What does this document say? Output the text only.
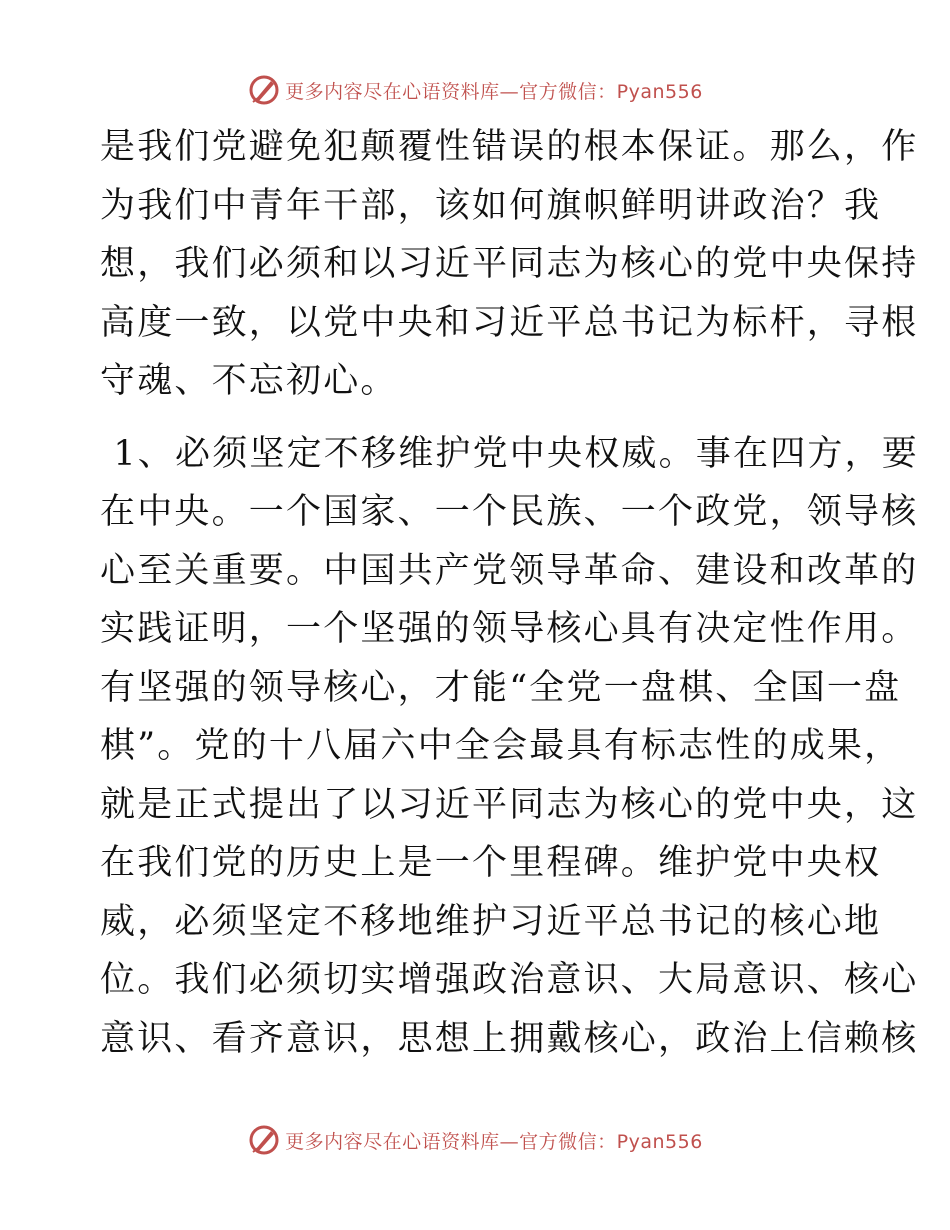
更多内容尽在心语资料库—官方微信：Pyan556

是我们党避免犯颠覆性错误的根本保证。那么，作
为我们中青年干部，该如何旗帜鲜明讲政治？我
想，我们必须和以习近平同志为核心的党中央保持
高度一致，以党中央和习近平总书记为标杆，寻根
守魂、不忘初心。

1、必须坚定不移维护党中央权威。事在四方，要
在中央。一个国家、一个民族、一个政党，领导核
心至关重要。中国共产党领导革命、建设和改革的
实践证明，一个坚强的领导核心具有决定性作用。
有坚强的领导核心，才能“全党一盘棋、全国一盘
棋”。党的十八届六中全会最具有标志性的成果，
就是正式提出了以习近平同志为核心的党中央，这
在我们党的历史上是一个里程碑。维护党中央权
威，必须坚定不移地维护习近平总书记的核心地
位。我们必须切实增强政治意识、大局意识、核心
意识、看齐意识，思想上拥戴核心，政治上信赖核

更多内容尽在心语资料库—官方微信：Pyan556
